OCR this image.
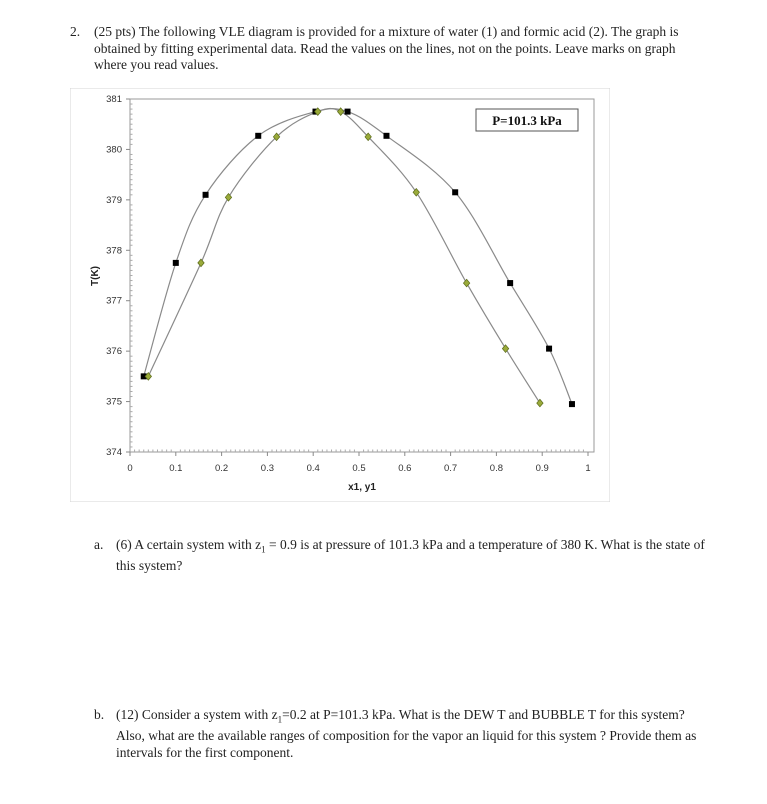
2. (25 pts) The following VLE diagram is provided for a mixture of water (1) and formic acid (2). The graph is obtained by fitting experimental data. Read the values on the lines, not on the points. Leave marks on graph where you read values.
374
375
376
377
378
379
380
381
0	0.1	0.2	0.3	0.4	0.5	0.6	0.7	0.8	0.9	1
P=101.3 kPa
T(K)
x1, y1
a. (6) A certain system with $z_1 = 0.9$ is at pressure of 101.3 kPa and a temperature of 380 K. What is the state of this system?
b. (12) Consider a system with $z_1=0.2$ at P=101.3 kPa. What is the DEW T and BUBBLE T for this system? Also, what are the available ranges of composition for the vapor an liquid for this system ? Provide them as intervals for the first component.
